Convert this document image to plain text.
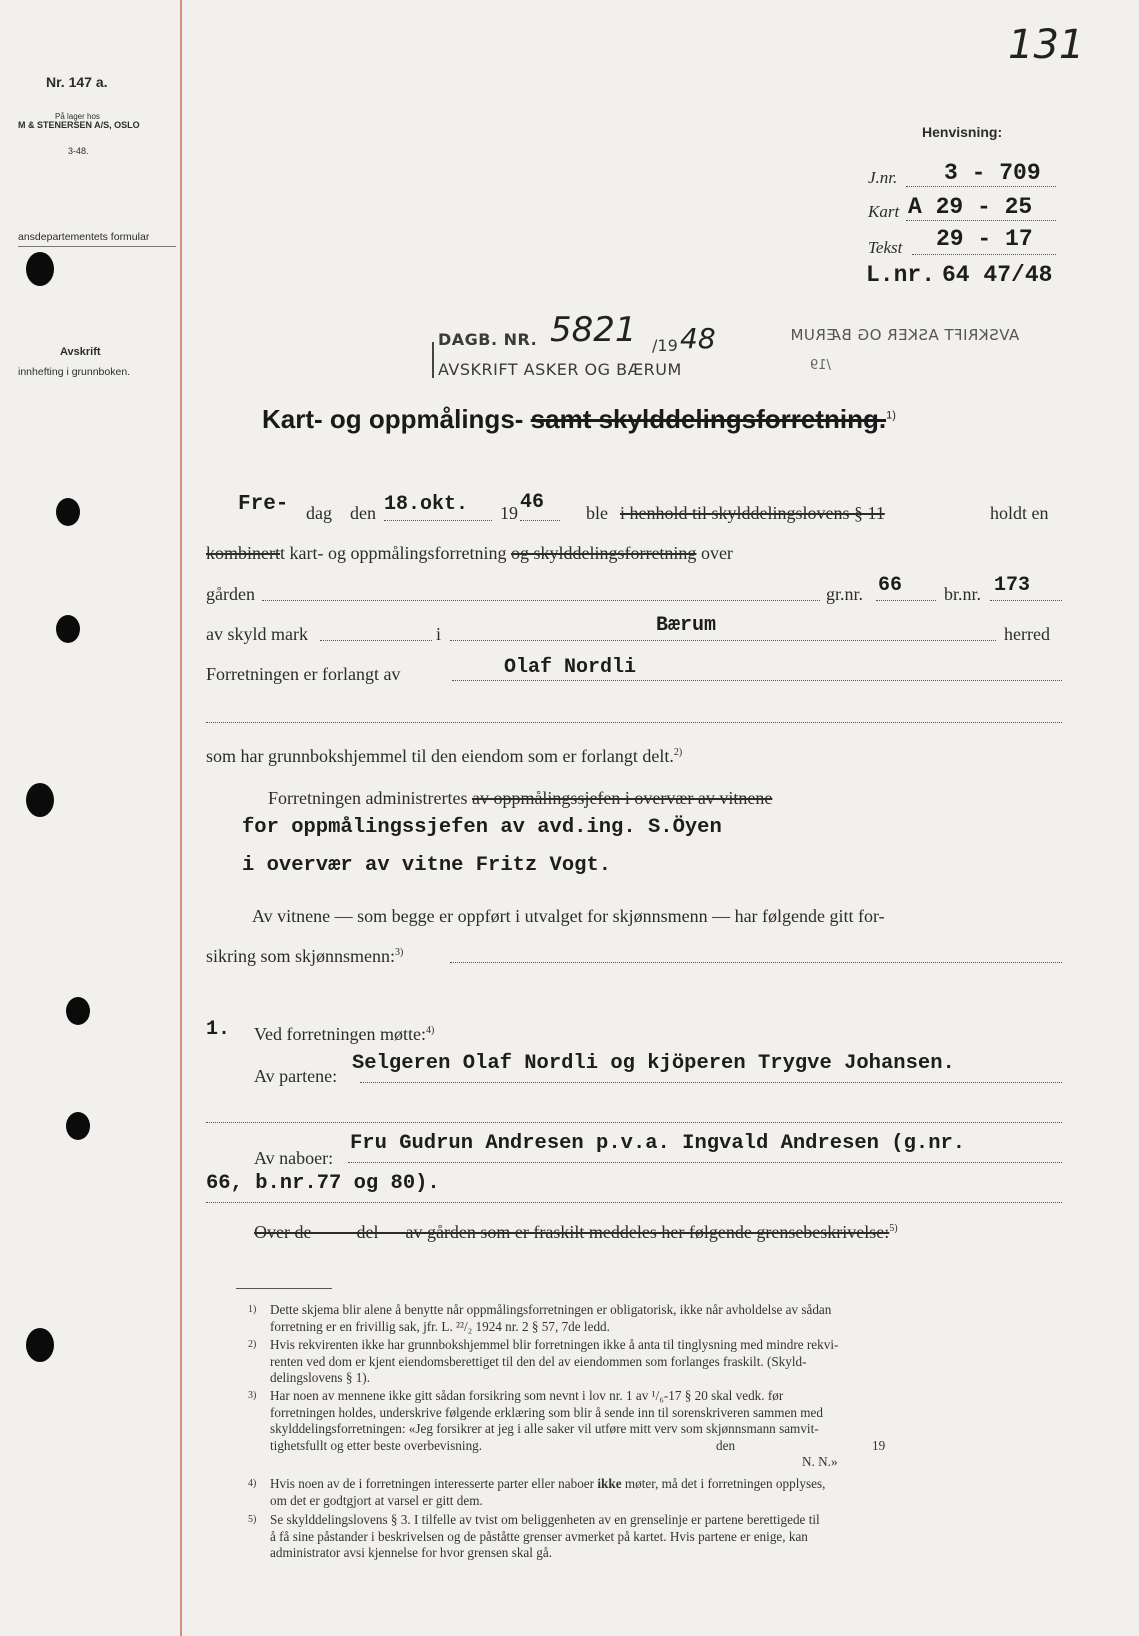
Nr. 147 a.
På lager hos
M & STENERSEN A/S, OSLO
3-48.
ansdepartementets formular
Avskrift
innhefting i grunnboken.
131
Henvisning:
J.nr. 3 - 709
Kart A 29 - 25
Tekst 29 - 17
L.nr. 64 47/48
DAGB. NR. 5821 /19 48
AVSKRIFT ASKER OG BÆRUM
AVSKRIFT ASKER OG BÆRUM
/19
Kart- og oppmålings- samt skylddelingsforretning.$^{1)}$
Fre- dag den 18.okt. 19 46 ble i henhold til skylddelingslovens § 11	holdt en
kombinertt kart- og oppmålingsforretning og skylddelingsforretning over
gården	gr.nr. 66 br.nr. 173
av skyld mark	i	Bærum	herred
Forretningen er forlangt av	Olaf Nordli
som har grunnbokshjemmel til den eiendom som er forlangt delt.$^{2)}$
Forretningen administrertes av oppmålingssjefen i overvær av vitnene
for oppmålingssjefen av avd.ing. S.Öyen
i overvær av vitne Fritz Vogt.
Av vitnene — som begge er oppført i utvalget for skjønnsmenn — har følgende gitt for-
sikring som skjønnsmenn:$^{3)}$
1. Ved forretningen møtte:$^{4)}$
Av partene:
Selgeren Olaf Nordli og kjöperen Trygve Johansen.
Av naboer:
Fru Gudrun Andresen p.v.a. Ingvald Andresen (g.nr.
66, b.nr.77 og 80).
Over de          del      av gården som er fraskilt meddeles her følgende grensebeskrivelse:$^{5)}$
1) Dette skjema blir alene å benytte når oppmålingsforretningen er obligatorisk, ikke når avholdelse av sådan
forretning er en frivillig sak, jfr. L. ²²/₂ 1924 nr. 2 § 57, 7de ledd.
2) Hvis rekvirenten ikke har grunnbokshjemmel blir forretningen ikke å anta til tinglysning med mindre rekvi-
renten ved dom er kjent eiendomsberettiget til den del av eiendommen som forlanges fraskilt. (Skyld-
delingslovens § 1).
3) Har noen av mennene ikke gitt sådan forsikring som nevnt i lov nr. 1 av ¹/₆-17 § 20 skal vedk. før
forretningen holdes, underskrive følgende erklæring som blir å sende inn til sorenskriveren sammen med
skylddelingsforretningen: «Jeg forsikrer at jeg i alle saker vil utføre mitt verv som skjønnsmann samvit-
tighetsfullt og etter beste overbevisning.	den	19
N. N.»
4) Hvis noen av de i forretningen interesserte parter eller naboer ikke møter, må det i forretningen opplyses,
om det er godtgjort at varsel er gitt dem.
5) Se skylddelingslovens § 3. I tilfelle av tvist om beliggenheten av en grenselinje er partene berettigede til
å få sine påstander i beskrivelsen og de påståtte grenser avmerket på kartet. Hvis partene er enige, kan
administrator avsi kjennelse for hvor grensen skal gå.
